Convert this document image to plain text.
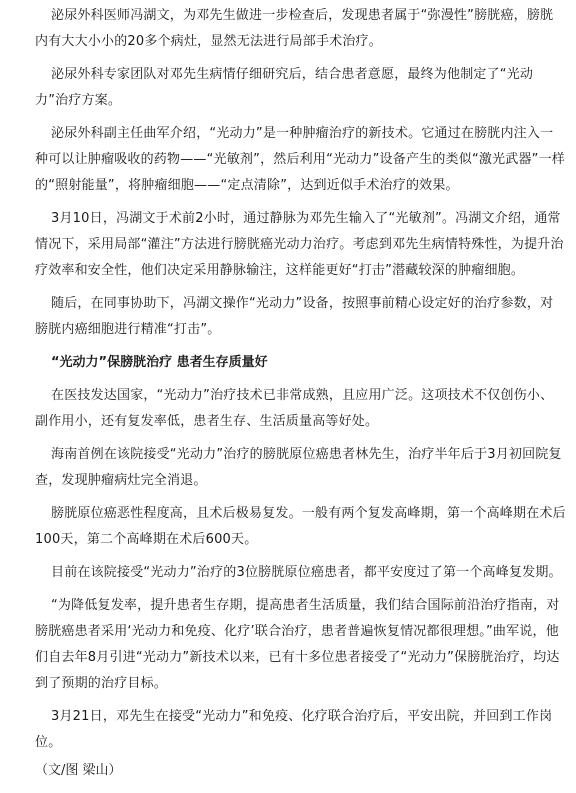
泌尿外科医师冯湖文，为邓先生做进一步检查后，发现患者属于“弥漫性”膀胱癌，膀胱内有大大小小的20多个病灶，显然无法进行局部手术治疗。

泌尿外科专家团队对邓先生病情仔细研究后，结合患者意愿，最终为他制定了“光动力”治疗方案。

泌尿外科副主任曲军介绍，“光动力”是一种肿瘤治疗的新技术。它通过在膀胱内注入一种可以让肿瘤吸收的药物——“光敏剂”，然后利用“光动力”设备产生的类似“激光武器”一样的“照射能量”，将肿瘤细胞——“定点清除”，达到近似手术治疗的效果。

3月10日，冯湖文于术前2小时，通过静脉为邓先生输入了“光敏剂”。冯湖文介绍，通常情况下，采用局部“灌注”方法进行膀胱癌光动力治疗。考虑到邓先生病情特殊性，为提升治疗效率和安全性，他们决定采用静脉输注，这样能更好“打击”潜藏较深的肿瘤细胞。

随后，在同事协助下，冯湖文操作“光动力”设备，按照事前精心设定好的治疗参数，对膀胱内癌细胞进行精准“打击”。

“光动力”保膀胱治疗 患者生存质量好

在医技发达国家，“光动力”治疗技术已非常成熟，且应用广泛。这项技术不仅创伤小、副作用小，还有复发率低，患者生存、生活质量高等好处。

海南首例在该院接受“光动力”治疗的膀胱原位癌患者林先生，治疗半年后于3月初回院复查，发现肿瘤病灶完全消退。

膀胱原位癌恶性程度高，且术后极易复发。一般有两个复发高峰期，第一个高峰期在术后100天，第二个高峰期在术后600天。

目前在该院接受“光动力”治疗的3位膀胱原位癌患者，都平安度过了第一个高峰复发期。

“为降低复发率，提升患者生存期，提高患者生活质量，我们结合国际前沿治疗指南，对膀胱癌患者采用‘光动力和免疫、化疗’联合治疗，患者普遍恢复情况都很理想。”曲军说，他们自去年8月引进“光动力”新技术以来，已有十多位患者接受了“光动力”保膀胱治疗，均达到了预期的治疗目标。

3月21日，邓先生在接受“光动力”和免疫、化疗联合治疗后，平安出院，并回到工作岗位。

（文/图 梁山）
